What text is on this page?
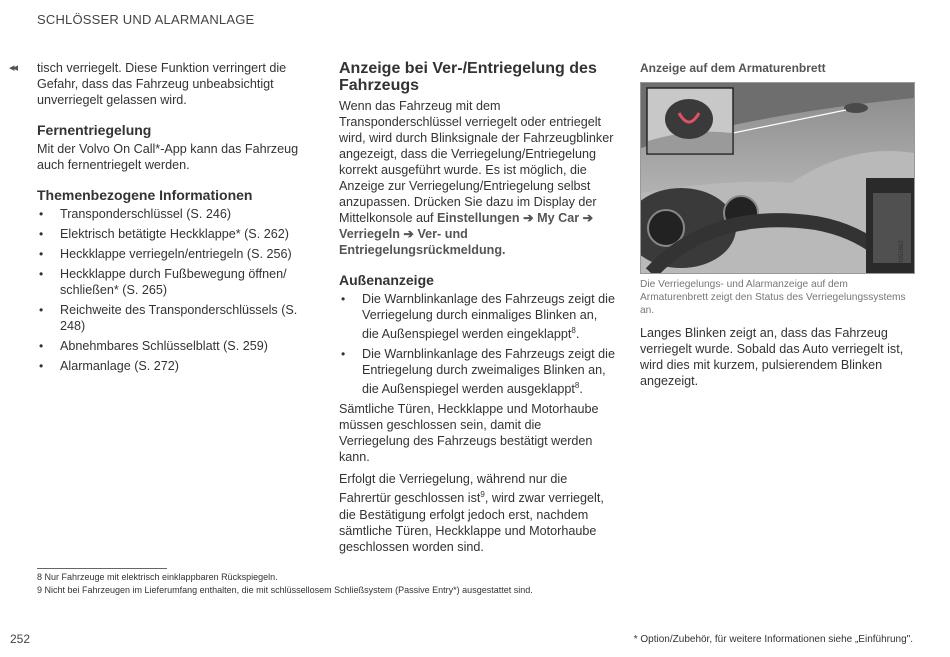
SCHLÖSSER UND ALARMANLAGE
◂◂ tisch verriegelt. Diese Funktion verringert die Gefahr, dass das Fahrzeug unbeabsichtigt unverriegelt gelassen wird.

Fernentriegelung

Mit der Volvo On Call*-App kann das Fahrzeug auch fernentriegelt werden.

Themenbezogene Informationen
• Transponderschlüssel (S. 246)
• Elektrisch betätigte Heckklappe* (S. 262)
• Heckklappe verriegeln/entriegeln (S. 256)
• Heckklappe durch Fußbewegung öffnen/ schließen* (S. 265)
• Reichweite des Transponderschlüssels (S. 248)
• Abnehmbares Schlüsselblatt (S. 259)
• Alarmanlage (S. 272)
Anzeige bei Ver-/Entriegelung des Fahrzeugs

Wenn das Fahrzeug mit dem Transponderschlüssel verriegelt oder entriegelt wird, wird durch Blinksignale der Fahrzeugblinker angezeigt, dass die Verriegelung/Entriegelung korrekt ausgeführt wurde. Es ist möglich, die Anzeige zur Verriegelung/Entriegelung selbst anzupassen. Drücken Sie dazu im Display der Mittelkonsole auf Einstellungen ➔ My Car ➔ Verriegeln ➔ Ver- und Entriegelungsrückmeldung.

Außenanzeige
• Die Warnblinkanlage des Fahrzeugs zeigt die Verriegelung durch einmaliges Blinken an, die Außenspiegel werden eingeklappt$^8$.
• Die Warnblinkanlage des Fahrzeugs zeigt die Entriegelung durch zweimaliges Blinken an, die Außenspiegel werden ausgeklappt$^8$.

Sämtliche Türen, Heckklappe und Motorhaube müssen geschlossen sein, damit die Verriegelung des Fahrzeugs bestätigt werden kann.

Erfolgt die Verriegelung, während nur die Fahrertür geschlossen ist$^9$, wird zwar verriegelt, die Bestätigung erfolgt jedoch erst, nachdem sämtliche Türen, Heckklappe und Motorhaube geschlossen worden sind.

Anzeige auf dem Armaturenbrett
48
G052862
Die Verriegelungs- und Alarmanzeige auf dem Armaturenbrett zeigt den Status des Verriegelungssystems an.

Langes Blinken zeigt an, dass das Fahrzeug verriegelt wurde. Sobald das Auto verriegelt ist, wird dies mit kurzem, pulsierendem Blinken angezeigt.

8 Nur Fahrzeuge mit elektrisch einklappbaren Rückspiegeln.
9 Nicht bei Fahrzeugen im Lieferumfang enthalten, die mit schlüssellosem Schließsystem (Passive Entry*) ausgestattet sind.
252	* Option/Zubehör, für weitere Informationen siehe „Einführung".
